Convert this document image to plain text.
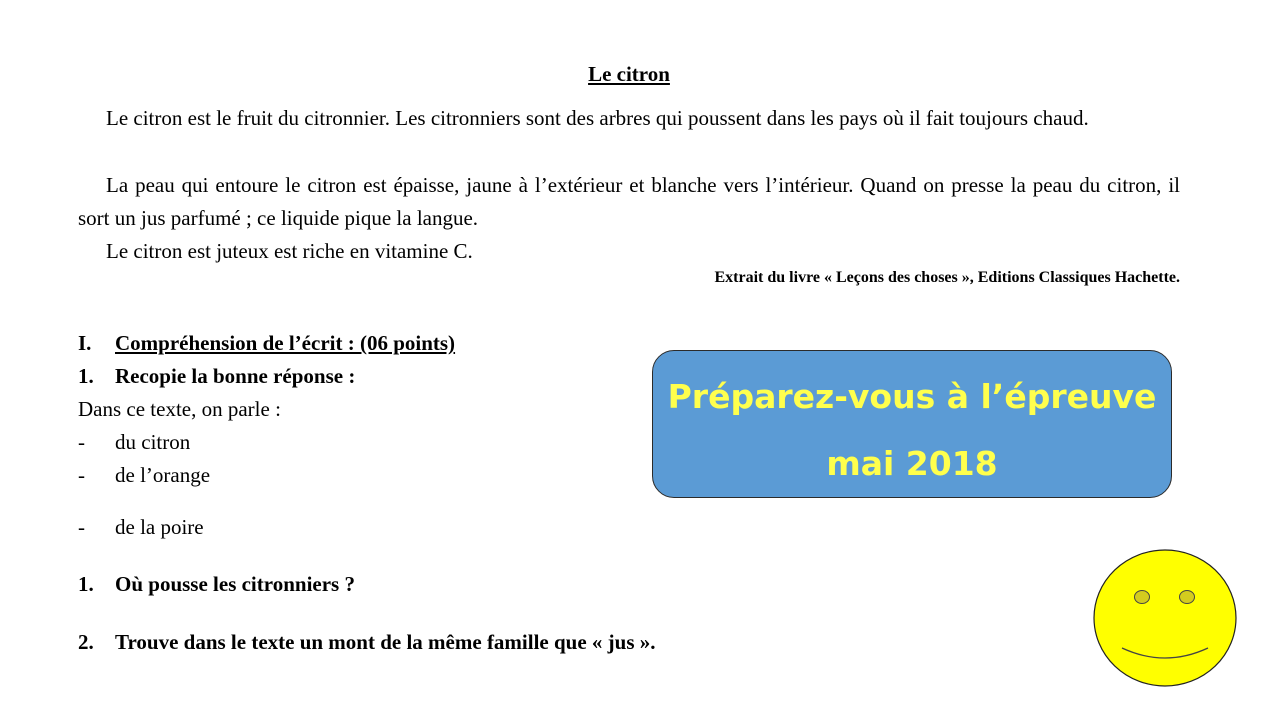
Le citron
Le citron est le fruit du citronnier. Les citronniers sont des arbres qui poussent dans les pays où il fait toujours chaud.
La peau qui entoure le citron est épaisse, jaune à l’extérieur et blanche vers l’intérieur. Quand on presse la peau du citron, il sort un jus parfumé ; ce liquide pique la langue.
Le citron est juteux est riche en vitamine C.
Extrait du livre « Leçons des choses », Editions Classiques Hachette.
I. Compréhension de l’écrit : (06 points)
1. Recopie la bonne réponse :
Dans ce texte, on parle :
- du citron
- de l’orange
- de la poire
1. Où pousse les citronniers ?
2. Trouve dans le texte un mont de la même famille que « jus ».
Préparez-vous à l’épreuve
mai 2018
